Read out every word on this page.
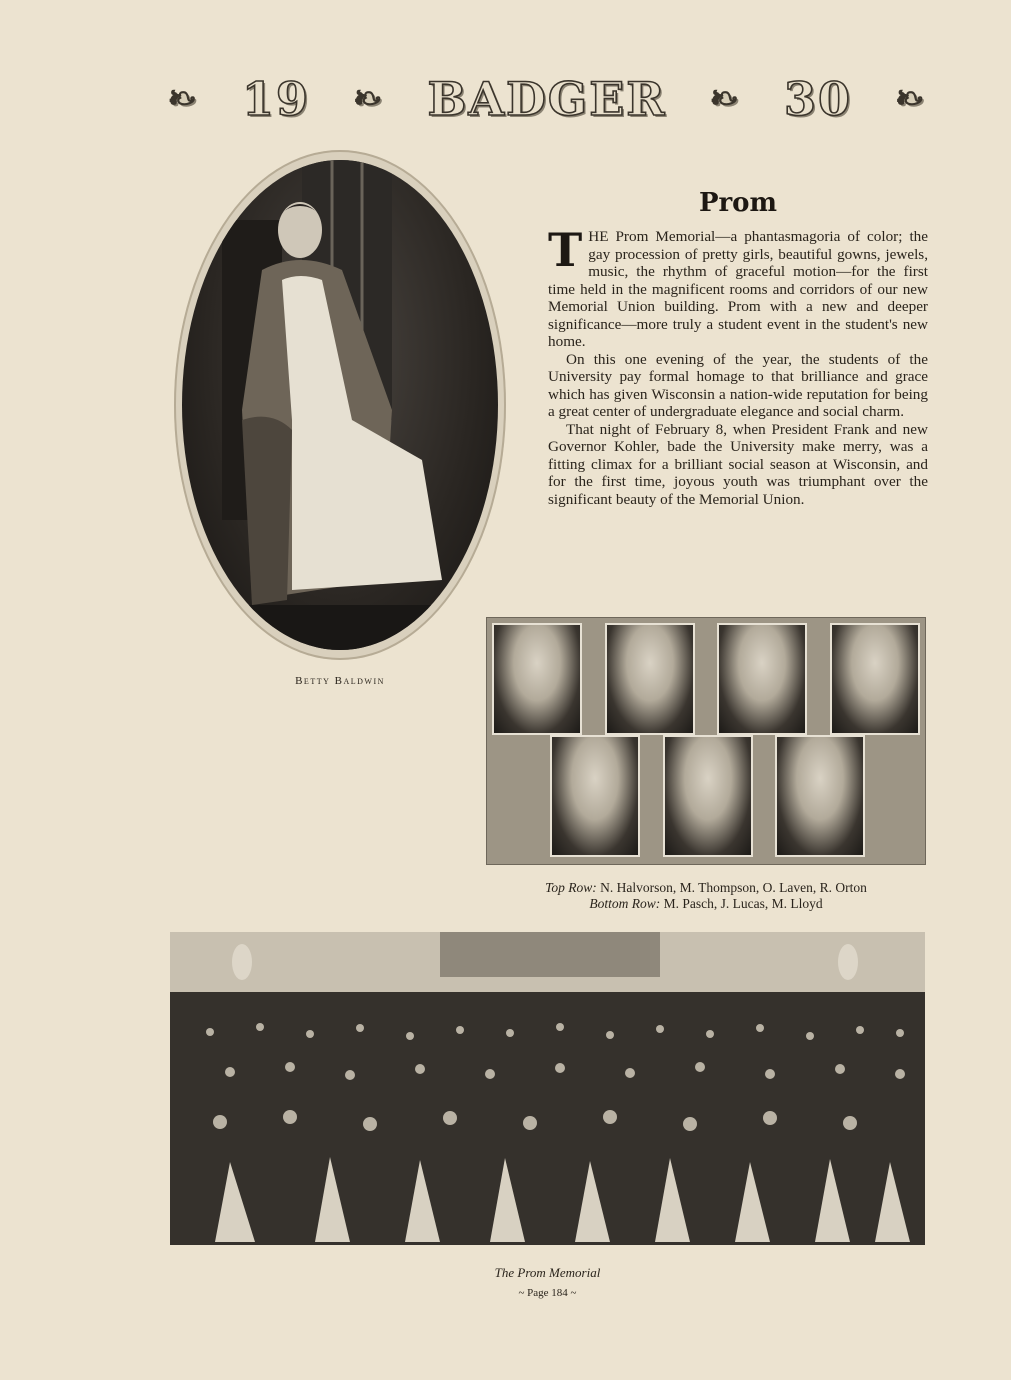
❧ 19 ❧ BADGER ❧ 30 ❧
Betty Baldwin
Prom

THE Prom Memorial—a phantasmagoria of color; the gay procession of pretty girls, beautiful gowns, jewels, music, the rhythm of graceful motion—for the first time held in the magnificent rooms and corridors of our new Memorial Union building. Prom with a new and deeper significance—more truly a student event in the student's new home.

On this one evening of the year, the students of the University pay formal homage to that brilliance and grace which has given Wisconsin a nation-wide reputation for being a great center of undergraduate elegance and social charm.

That night of February 8, when President Frank and new Governor Kohler, bade the University make merry, was a fitting climax for a brilliant social season at Wisconsin, and for the first time, joyous youth was triumphant over the significant beauty of the Memorial Union.

Top Row: N. Halvorson, M. Thompson, O. Laven, R. Orton
Bottom Row: M. Pasch, J. Lucas, M. Lloyd
The Prom Memorial
~ Page 184 ~
